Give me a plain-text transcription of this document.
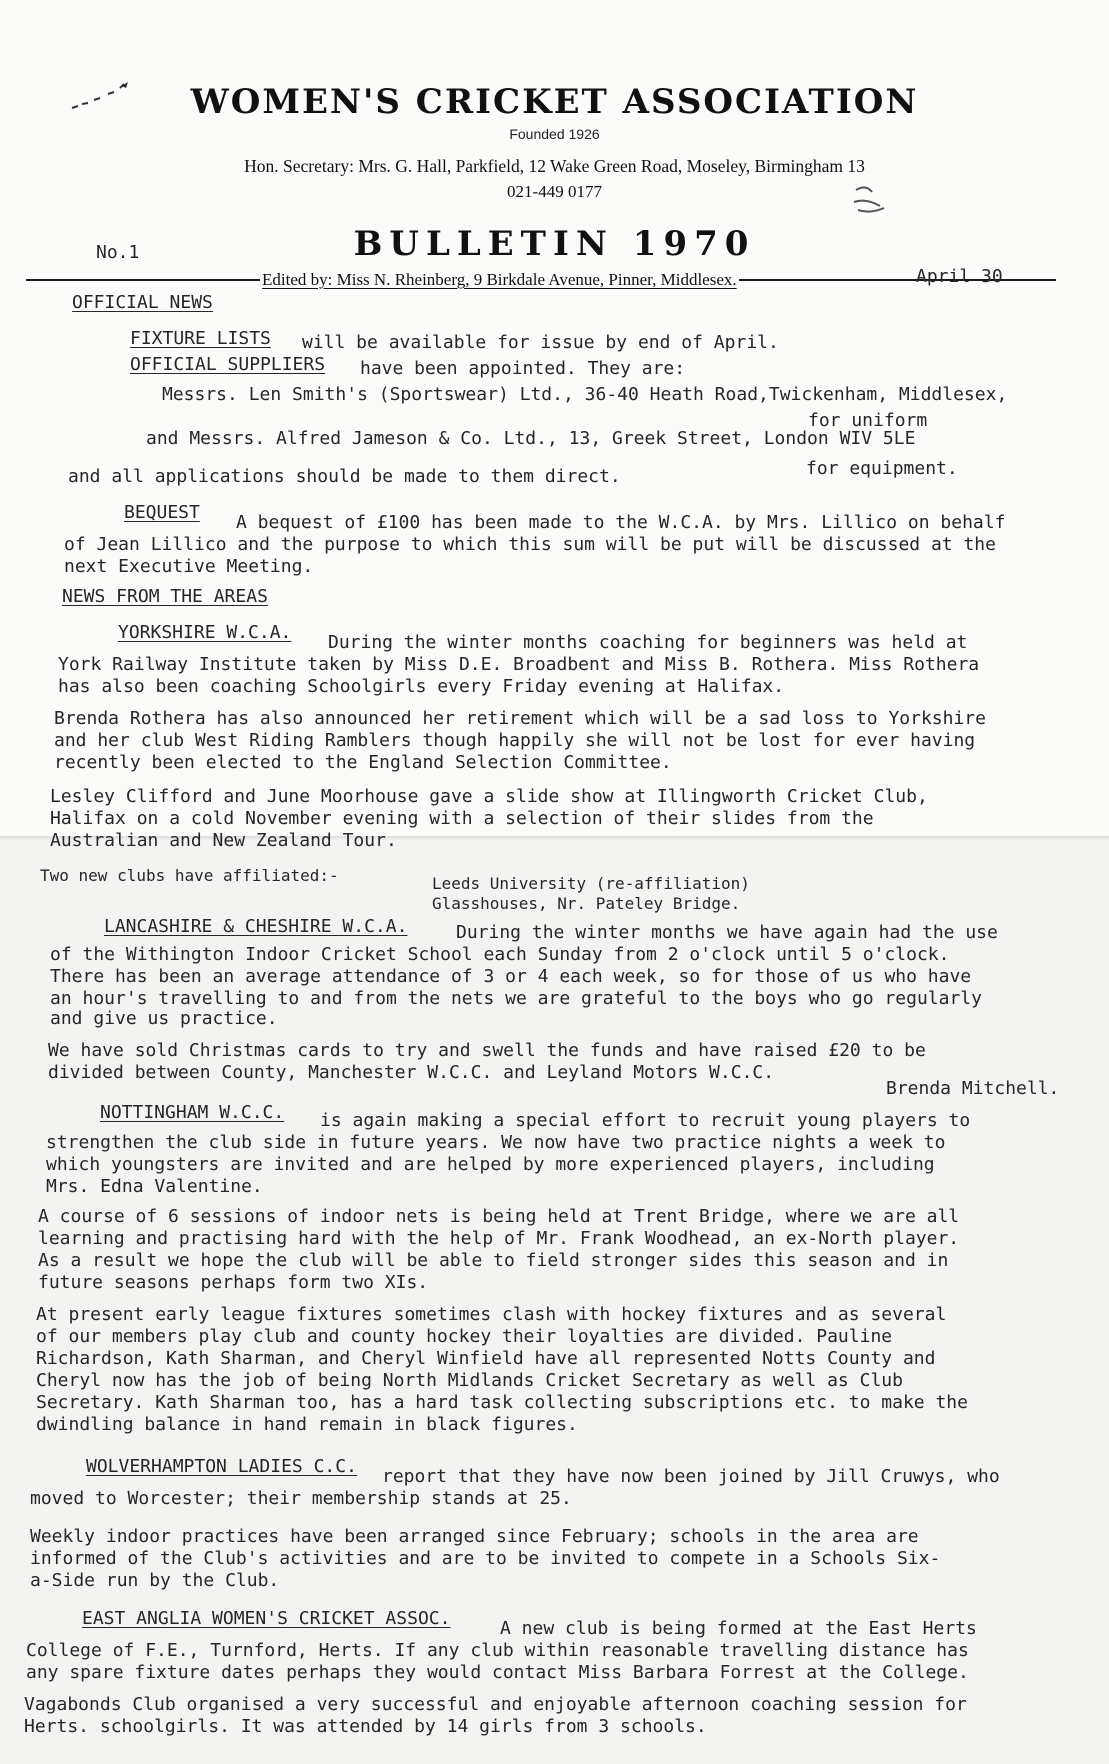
WOMEN'S CRICKET ASSOCIATION
Founded 1926
Hon. Secretary: Mrs. G. Hall, Parkfield, 12 Wake Green Road, Moseley, Birmingham 13
021-449 0177
BULLETIN 1970
No.1
Edited by: Miss N. Rheinberg, 9 Birkdale Avenue, Pinner, Middlesex.	April 30
OFFICIAL NEWS
FIXTURE LISTS will be available for issue by end of April.
OFFICIAL SUPPLIERS have been appointed. They are:
Messrs. Len Smith's (Sportswear) Ltd., 36-40 Heath Road,Twickenham, Middlesex,
for uniform
and Messrs. Alfred Jameson & Co. Ltd., 13, Greek Street, London WIV 5LE
for equipment.
and all applications should be made to them direct.
BEQUEST A bequest of £100 has been made to the W.C.A. by Mrs. Lillico on behalf
of Jean Lillico and the purpose to which this sum will be put will be discussed at the
next Executive Meeting.
NEWS FROM THE AREAS
YORKSHIRE W.C.A. During the winter months coaching for beginners was held at
York Railway Institute taken by Miss D.E. Broadbent and Miss B. Rothera. Miss Rothera
has also been coaching Schoolgirls every Friday evening at Halifax.
Brenda Rothera has also announced her retirement which will be a sad loss to Yorkshire
and her club West Riding Ramblers though happily she will not be lost for ever having
recently been elected to the England Selection Committee.
Lesley Clifford and June Moorhouse gave a slide show at Illingworth Cricket Club,
Halifax on a cold November evening with a selection of their slides from the
Australian and New Zealand Tour.
Two new clubs have affiliated:-	Leeds University (re-affiliation)
Glasshouses, Nr. Pateley Bridge.
LANCASHIRE & CHESHIRE W.C.A.	During the winter months we have again had the use
of the Withington Indoor Cricket School each Sunday from 2 o'clock until 5 o'clock.
There has been an average attendance of 3 or 4 each week, so for those of us who have
an hour's travelling to and from the nets we are grateful to the boys who go regularly
and give us practice.
We have sold Christmas cards to try and swell the funds and have raised £20 to be
divided between County, Manchester W.C.C. and Leyland Motors W.C.C.
Brenda Mitchell.
NOTTINGHAM W.C.C. is again making a special effort to recruit young players to
strengthen the club side in future years. We now have two practice nights a week to
which youngsters are invited and are helped by more experienced players, including
Mrs. Edna Valentine.
A course of 6 sessions of indoor nets is being held at Trent Bridge, where we are all
learning and practising hard with the help of Mr. Frank Woodhead, an ex-North player.
As a result we hope the club will be able to field stronger sides this season and in
future seasons perhaps form two XIs.
At present early league fixtures sometimes clash with hockey fixtures and as several
of our members play club and county hockey their loyalties are divided. Pauline
Richardson, Kath Sharman, and Cheryl Winfield have all represented Notts County and
Cheryl now has the job of being North Midlands Cricket Secretary as well as Club
Secretary. Kath Sharman too, has a hard task collecting subscriptions etc. to make the
dwindling balance in hand remain in black figures.
WOLVERHAMPTON LADIES C.C. report that they have now been joined by Jill Cruwys, who
moved to Worcester; their membership stands at 25.
Weekly indoor practices have been arranged since February; schools in the area are
informed of the Club's activities and are to be invited to compete in a Schools Six-
a-Side run by the Club.
EAST ANGLIA WOMEN'S CRICKET ASSOC.	A new club is being formed at the East Herts
College of F.E., Turnford, Herts. If any club within reasonable travelling distance has
any spare fixture dates perhaps they would contact Miss Barbara Forrest at the College.
Vagabonds Club organised a very successful and enjoyable afternoon coaching session for
Herts. schoolgirls. It was attended by 14 girls from 3 schools.
